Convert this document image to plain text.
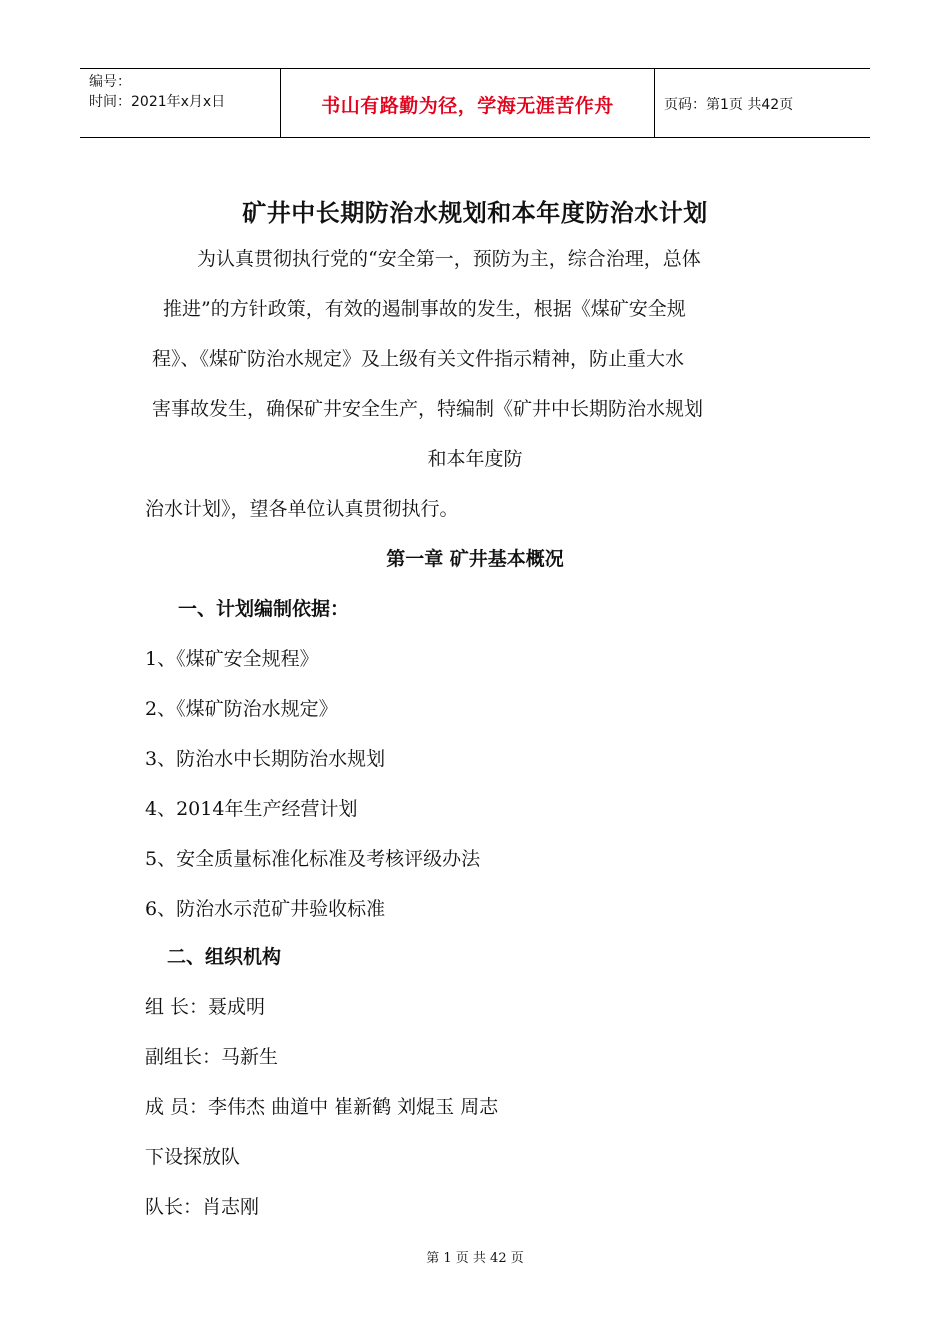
编号：
时间：2021年x月x日	书山有路勤为径，学海无涯苦作舟	页码：第1页 共42页
矿井中长期防治水规划和本年度防治水计划
为认真贯彻执行党的“安全第一，预防为主，综合治理，总体
推进”的方针政策，有效的遏制事故的发生，根据《煤矿安全规
程》、《煤矿防治水规定》及上级有关文件指示精神，防止重大水
害事故发生，确保矿井安全生产，特编制《矿井中长期防治水规划
和本年度防
治水计划》，望各单位认真贯彻执行。
第一章 矿井基本概况
一、计划编制依据：
1、《煤矿安全规程》
2、《煤矿防治水规定》
3、防治水中长期防治水规划
4、2014年生产经营计划
5、安全质量标准化标准及考核评级办法
6、防治水示范矿井验收标准
二、组织机构
组 长：聂成明
副组长：马新生
成 员：李伟杰 曲道中 崔新鹤 刘焜玉 周志
下设探放队
队长：肖志刚
第 1 页 共 42 页
